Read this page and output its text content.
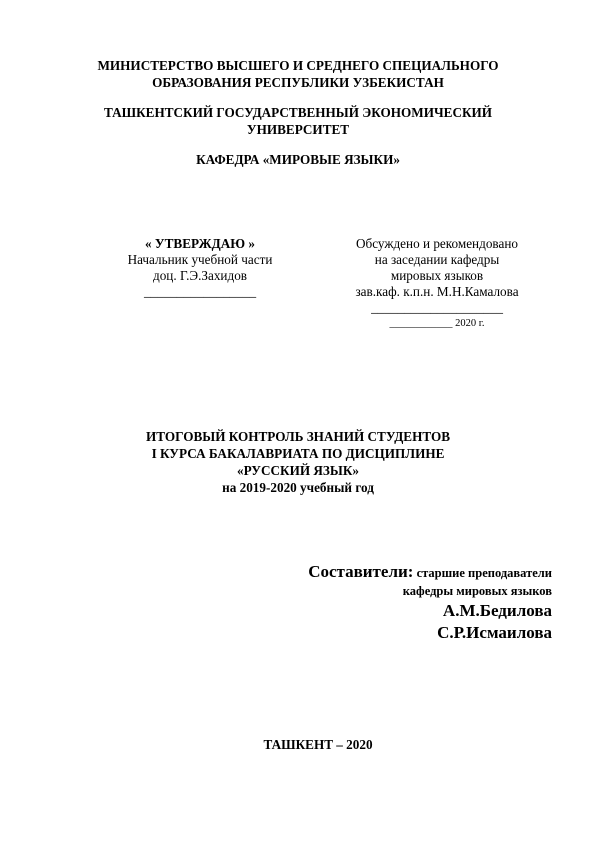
МИНИСТЕРСТВО ВЫСШЕГО И СРЕДНЕГО СПЕЦИАЛЬНОГО
ОБРАЗОВАНИЯ РЕСПУБЛИКИ УЗБЕКИСТАН
ТАШКЕНТСКИЙ ГОСУДАРСТВЕННЫЙ ЭКОНОМИЧЕСКИЙ
УНИВЕРСИТЕТ
КАФЕДРА «МИРОВЫЕ ЯЗЫКИ»
« УТВЕРЖДАЮ »
Начальник учебной части
доц. Г.Э.Захидов
_________________
Обсуждено и рекомендовано
на заседании кафедры
мировых языков
зав.каф. к.п.н. М.Н.Камалова
____________________
____________ 2020 г.
ИТОГОВЫЙ КОНТРОЛЬ ЗНАНИЙ СТУДЕНТОВ
I КУРСА БАКАЛАВРИАТА ПО ДИСЦИПЛИНЕ
«РУССКИЙ ЯЗЫК»
на 2019-2020 учебный год
Составители: старшие преподаватели
кафедры мировых языков
А.М.Бедилова
С.Р.Исмаилова
ТАШКЕНТ – 2020
